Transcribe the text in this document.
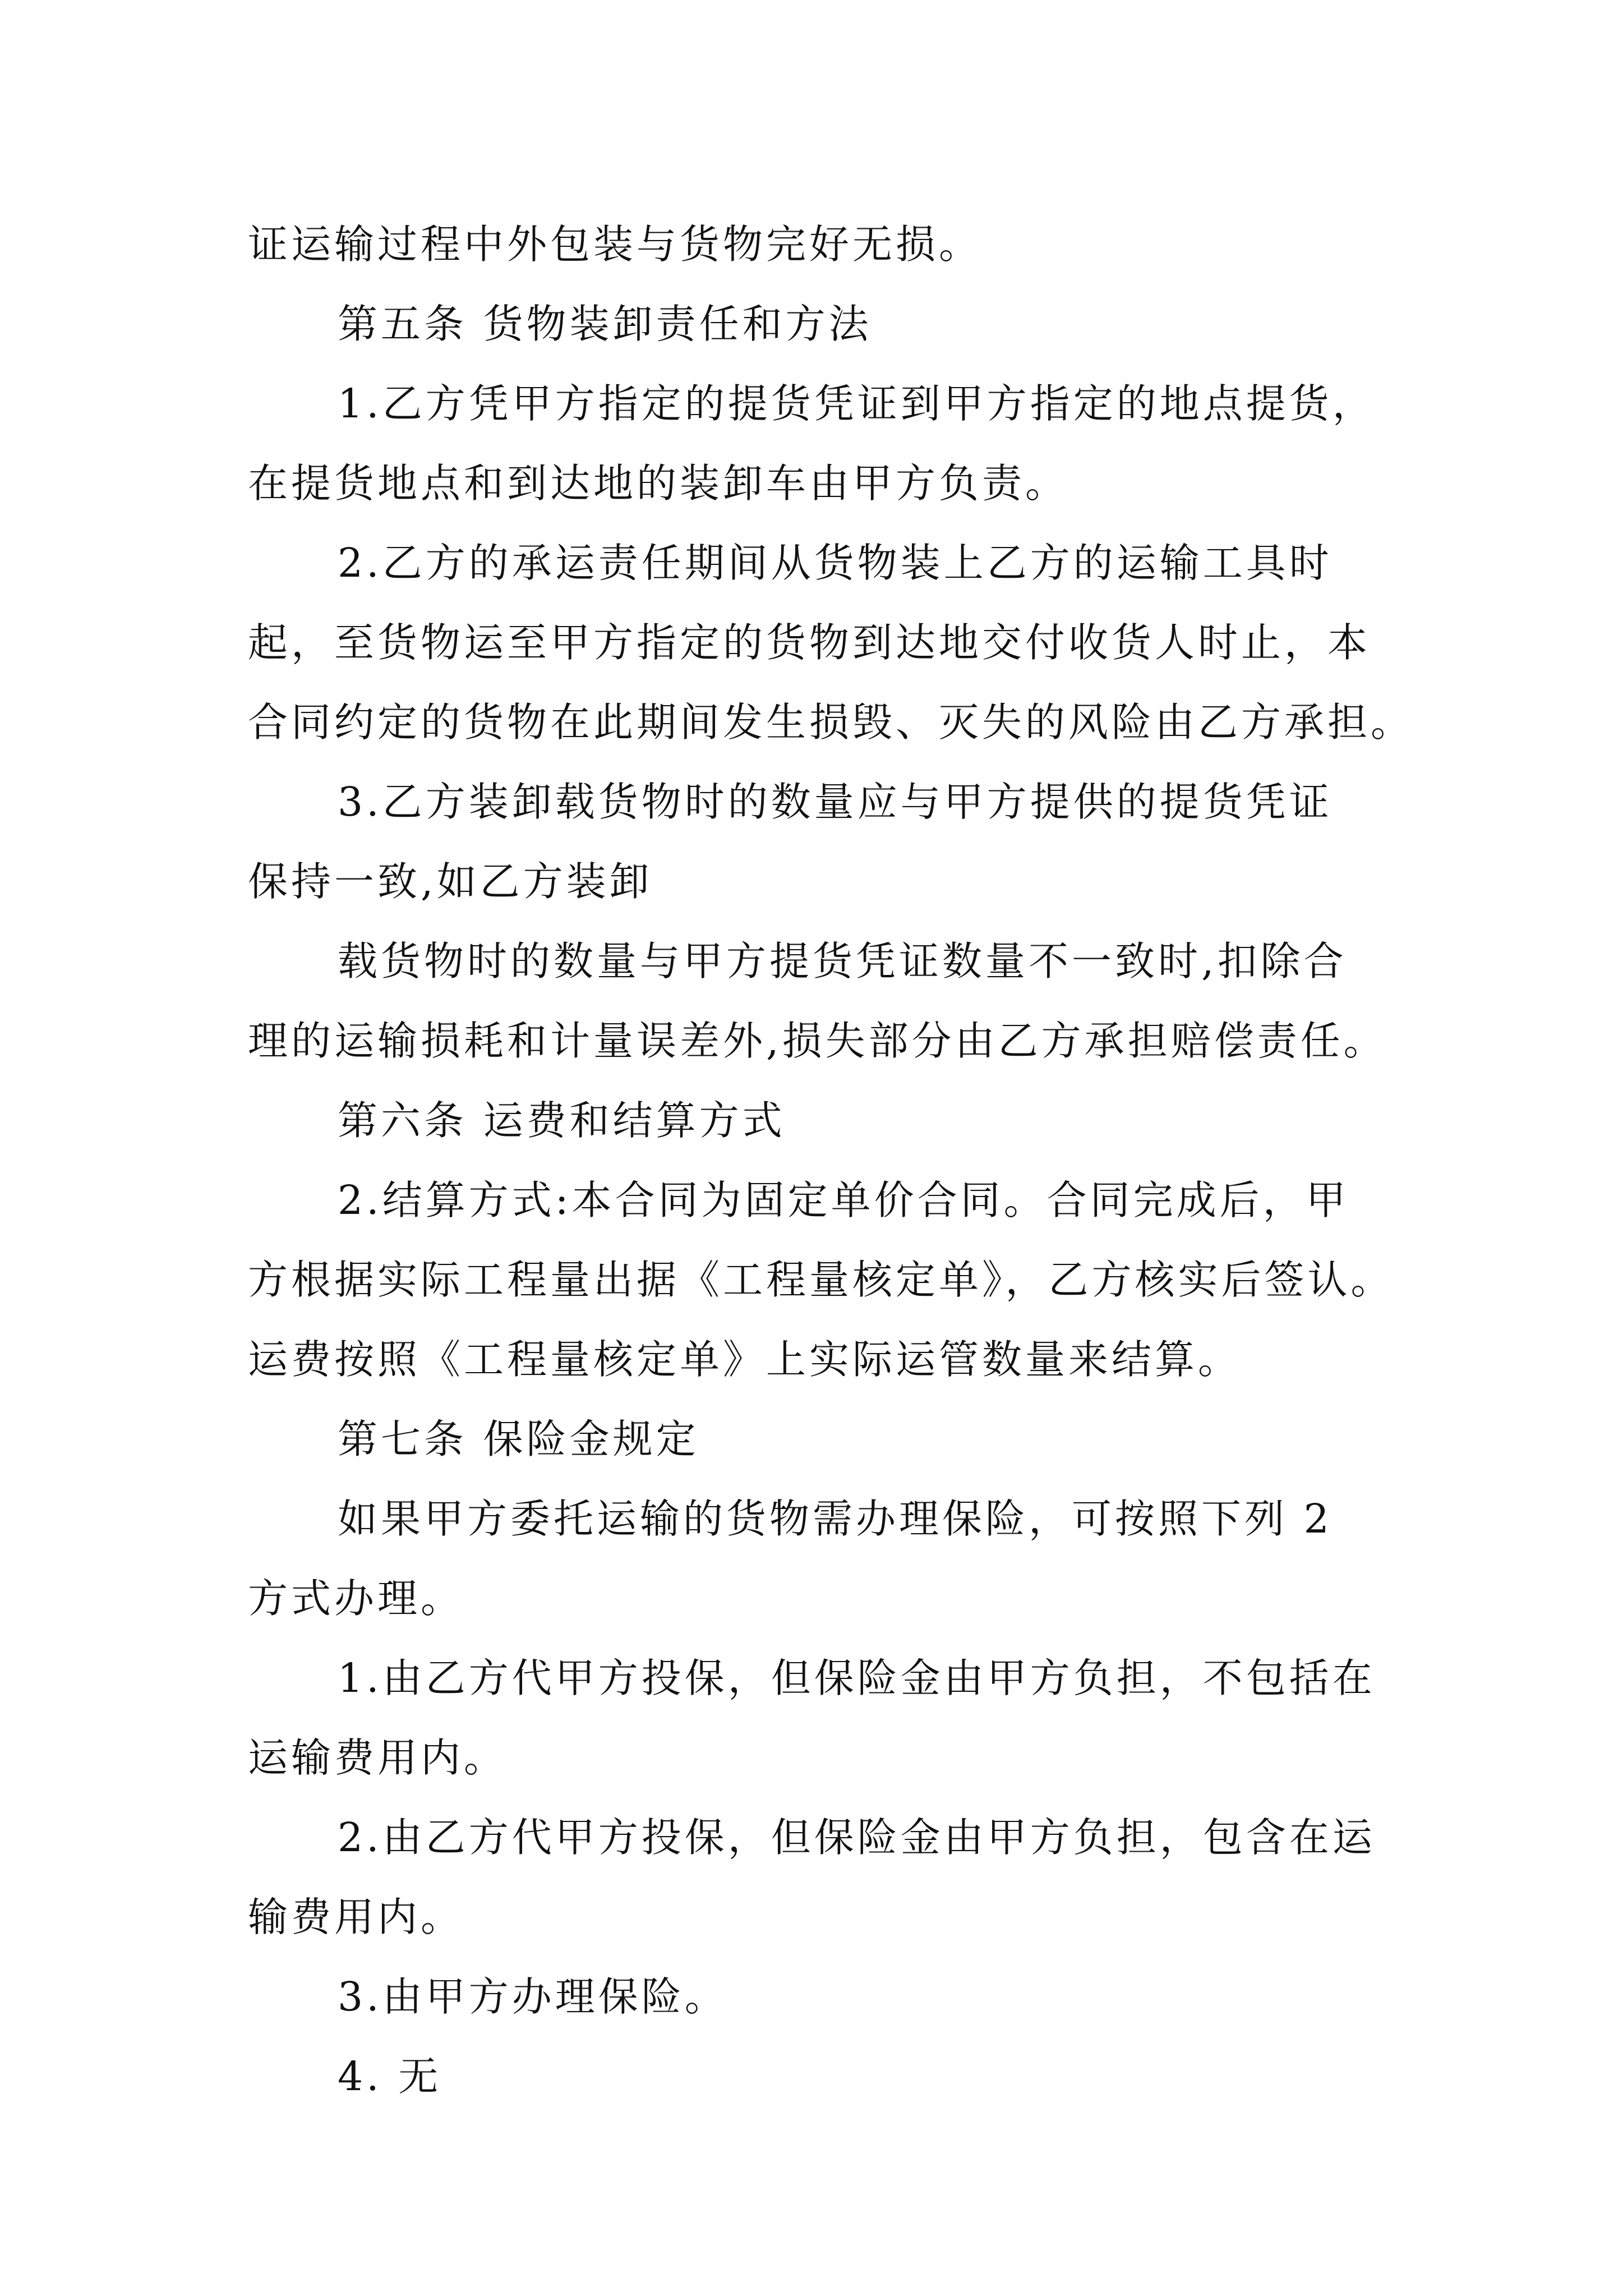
证运输过程中外包装与货物完好无损。
第五条 货物装卸责任和方法
1.乙方凭甲方指定的提货凭证到甲方指定的地点提货，
在提货地点和到达地的装卸车由甲方负责。
2.乙方的承运责任期间从货物装上乙方的运输工具时
起，至货物运至甲方指定的货物到达地交付收货人时止，本
合同约定的货物在此期间发生损毁、灭失的风险由乙方承担。
3.乙方装卸载货物时的数量应与甲方提供的提货凭证
保持一致,如乙方装卸
载货物时的数量与甲方提货凭证数量不一致时,扣除合
理的运输损耗和计量误差外,损失部分由乙方承担赔偿责任。
第六条 运费和结算方式
2.结算方式:本合同为固定单价合同。合同完成后，甲
方根据实际工程量出据《工程量核定单》，乙方核实后签认。
运费按照《工程量核定单》上实际运管数量来结算。
第七条 保险金规定
如果甲方委托运输的货物需办理保险，可按照下列 2
方式办理。
1.由乙方代甲方投保，但保险金由甲方负担，不包括在
运输费用内。
2.由乙方代甲方投保，但保险金由甲方负担，包含在运
输费用内。
3.由甲方办理保险。
4. 无
